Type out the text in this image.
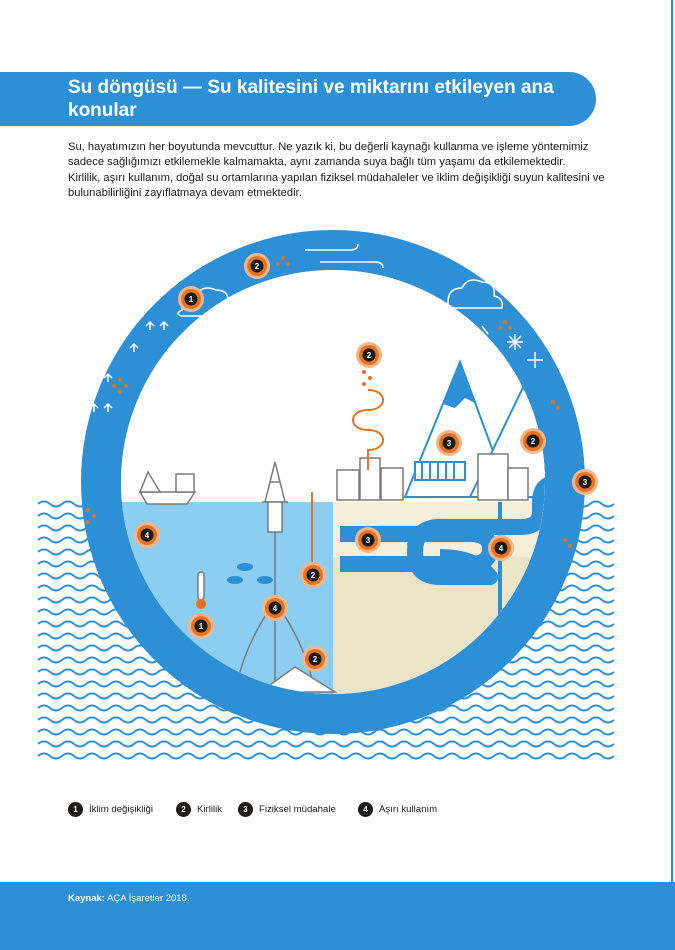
Su döngüsü — Su kalitesini ve miktarını etkileyen ana konular

Su, hayatımızın her boyutunda mevcuttur. Ne yazık ki, bu değerli kaynağı kullanma ve işleme yöntemimiz sadece sağlığımızı etkilemekle kalmamakta, aynı zamanda suya bağlı tüm yaşamı da etkilemektedir.

Kirlilik, aşırı kullanım, doğal su ortamlarına yapılan fiziksel müdahaleler ve iklim değişikliği suyun kalitesini ve bulunabilirliğini zayıflatmaya devam etmektedir.

2
1
2
3	2
3
3
4
4
2
4
1
2
1	İklim değişikliği	2	Kirlilik	3	Fiziksel müdahale	4	Aşırı kullanım
Kaynak: AÇA İşaretler 2018.
